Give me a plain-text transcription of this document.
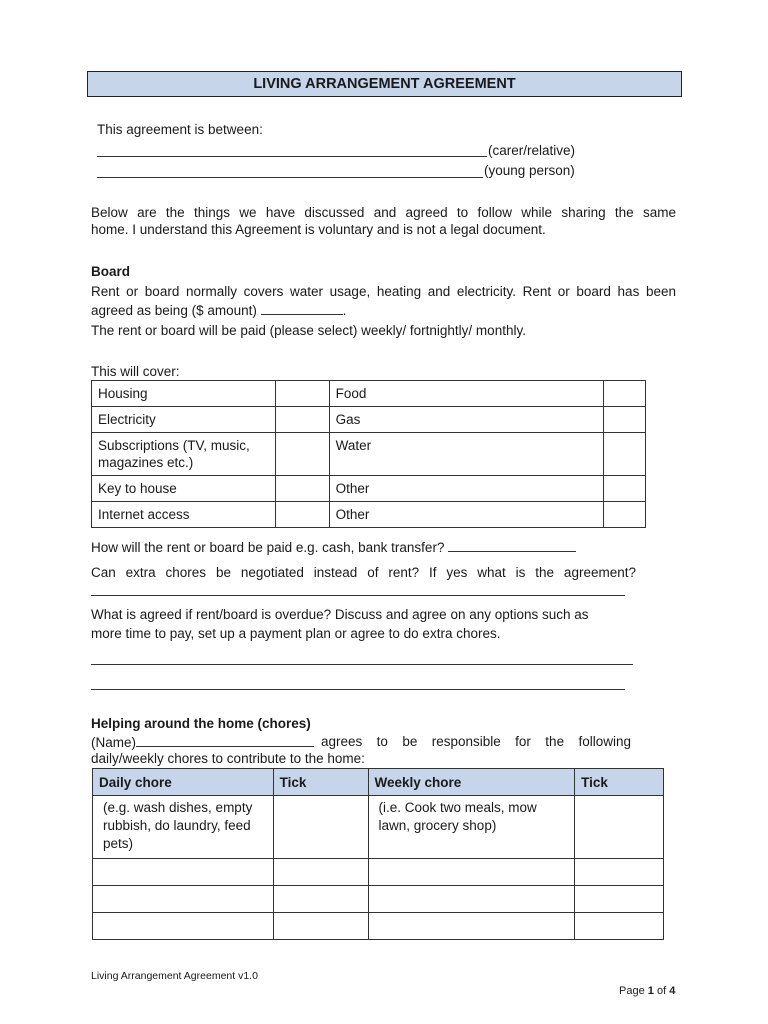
LIVING ARRANGEMENT AGREEMENT
This agreement is between:
(carer/relative)
(young person)
Below are the things we have discussed and agreed to follow while sharing the same
home. I understand this Agreement is voluntary and is not a legal document.
Board
Rent or board normally covers water usage, heating and electricity. Rent or board has been
agreed as being ($ amount)	.
The rent or board will be paid (please select) weekly/ fortnightly/ monthly.
This will cover:
Housing		Food	
Electricity		Gas	
Subscriptions (TV, music, magazines etc.)		Water	
Key to house		Other	
Internet access		Other	
How will the rent or board be paid e.g. cash, bank transfer?
Can extra chores be negotiated instead of rent? If yes what is the agreement?
What is agreed if rent/board is overdue? Discuss and agree on any options such as
more time to pay, set up a payment plan or agree to do extra chores.
Helping around the home (chores)
(Name)	agrees to be responsible for the following
daily/weekly chores to contribute to the home:
Daily chore	Tick	Weekly chore	Tick
(e.g. wash dishes, empty rubbish, do laundry, feed pets)		(i.e. Cook two meals, mow lawn, grocery shop)	

Living Arrangement Agreement v1.0
Page 1 of 4
